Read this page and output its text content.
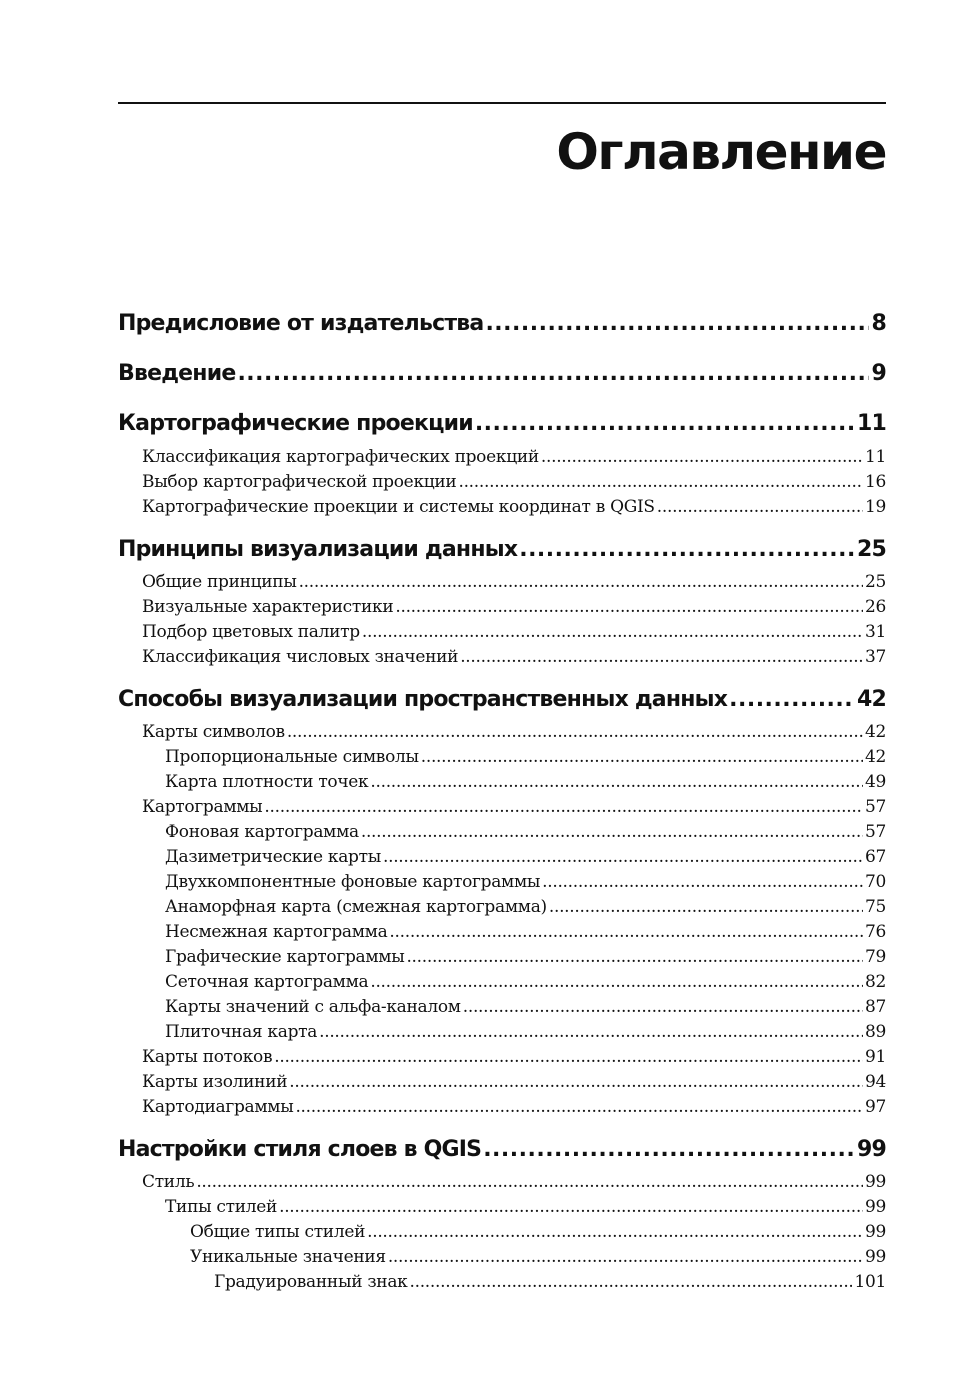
Оглавление
Предисловие от издательства .....	8
Введение .....	9
Картографические проекции .....	11
Классификация картографических проекций .....	11
Выбор картографической проекции .....	16
Картографические проекции и системы координат в QGIS .....	19
Принципы визуализации данных .....	25
Общие принципы .....	25
Визуальные характеристики .....	26
Подбор цветовых палитр .....	31
Классификация числовых значений .....	37
Способы визуализации пространственных данных .....	42
Карты символов .....	42
Пропорциональные символы .....	42
Карта плотности точек .....	49
Картограммы .....	57
Фоновая картограмма .....	57
Дазиметрические карты .....	67
Двухкомпонентные фоновые картограммы .....	70
Анаморфная карта (смежная картограмма) .....	75
Несмежная картограмма .....	76
Графические картограммы .....	79
Сеточная картограмма .....	82
Карты значений с альфа-каналом .....	87
Плиточная карта .....	89
Карты потоков .....	91
Карты изолиний .....	94
Картодиаграммы .....	97
Настройки стиля слоев в QGIS .....	99
Стиль .....	99
Типы стилей .....	99
Общие типы стилей .....	99
Уникальные значения .....	99
Градуированный знак .....	101
